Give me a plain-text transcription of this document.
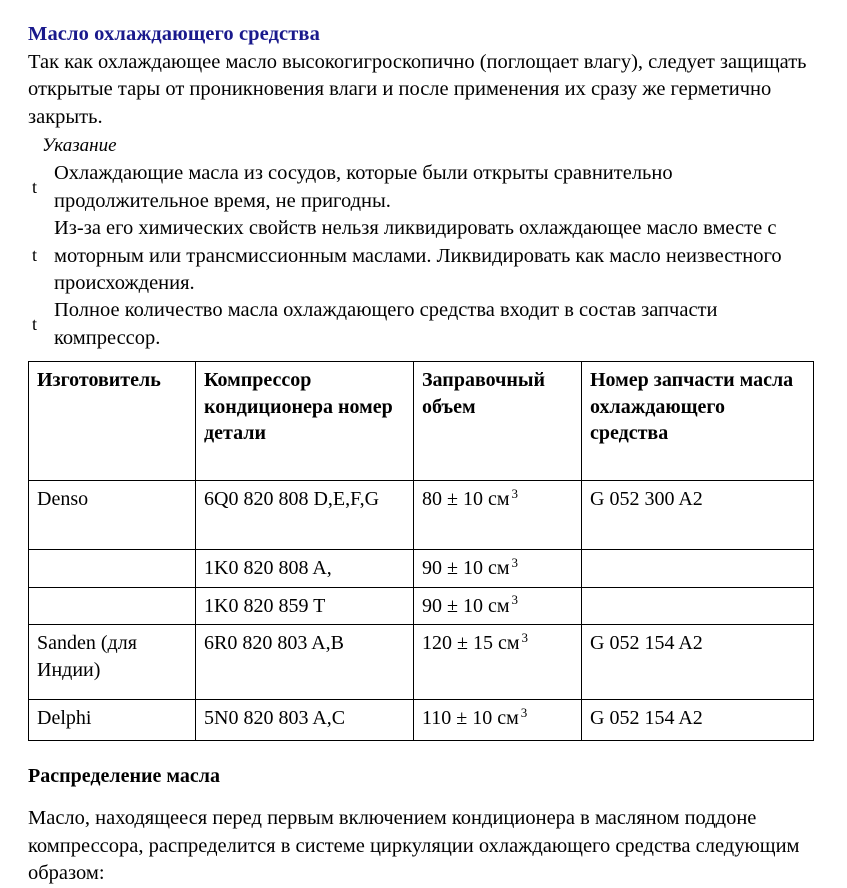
Масло охлаждающего средства

Так как охлаждающее масло высокогигроскопично (поглощает влагу), следует защищать открытые тары от проникновения влаги и после применения их сразу же герметично закрыть.

Указание
t
Охлаждающие масла из сосудов, которые были открыты сравнительно продолжительное время, не пригодны.
t
Из-за его химических свойств нельзя ликвидировать охлаждающее масло вместе с моторным или трансмиссионным маслами. Ликвидировать как масло неизвестного происхождения.
t
Полное количество масла охлаждающего средства входит в состав запчасти компрессор.
Изготовитель	Компрессор кондиционера номер детали	Заправочный объем	Номер запчасти масла охлаждающего средства
Denso	6Q0 820 808 D,E,F,G	80 ± 10 см $^3$	G 052 300 A2
	1K0 820 808 A,	90 ± 10 см $^3$	
	1K0 820 859 T	90 ± 10 см $^3$	
Sanden (для Индии)	6R0 820 803 A,B	120 ± 15 см $^3$	G 052 154 A2
Delphi	5N0 820 803 A,C	110 ± 10 см $^3$	G 052 154 A2
Распределение масла

Масло, находящееся перед первым включением кондиционера в масляном поддоне компрессора, распределится в системе циркуляции охлаждающего средства следующим образом:
